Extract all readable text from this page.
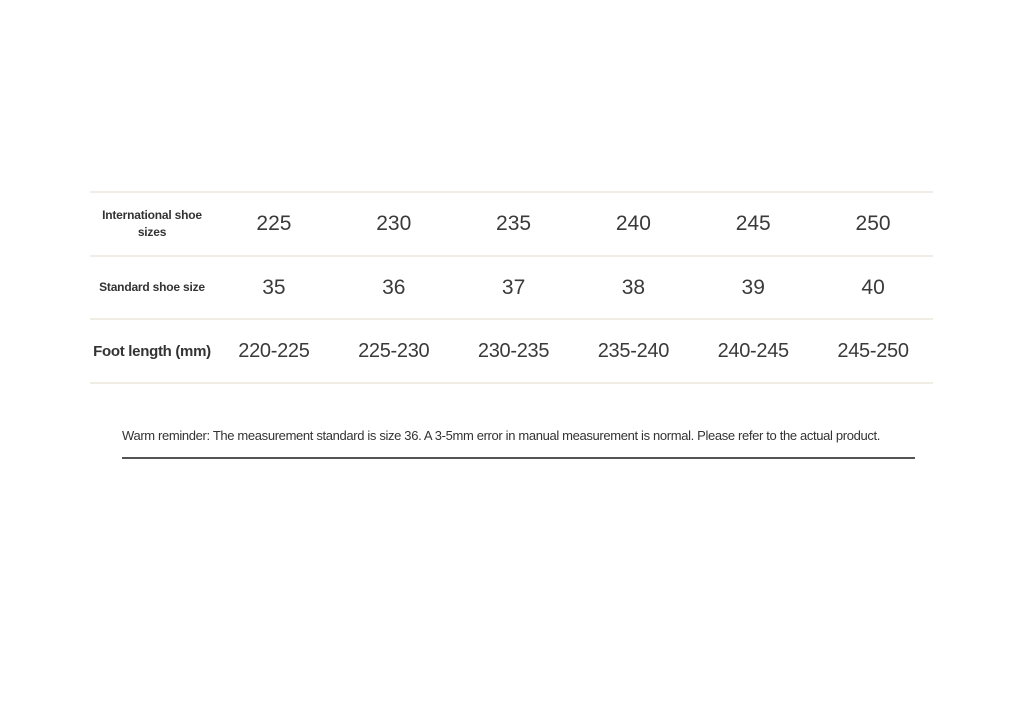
International shoe sizes	225	230	235	240	245	250
Standard shoe size	35	36	37	38	39	40
Foot length (mm)	220-225	225-230	230-235	235-240	240-245	245-250
Warm reminder: The measurement standard is size 36. A 3-5mm error in manual measurement is normal. Please refer to the actual product.
